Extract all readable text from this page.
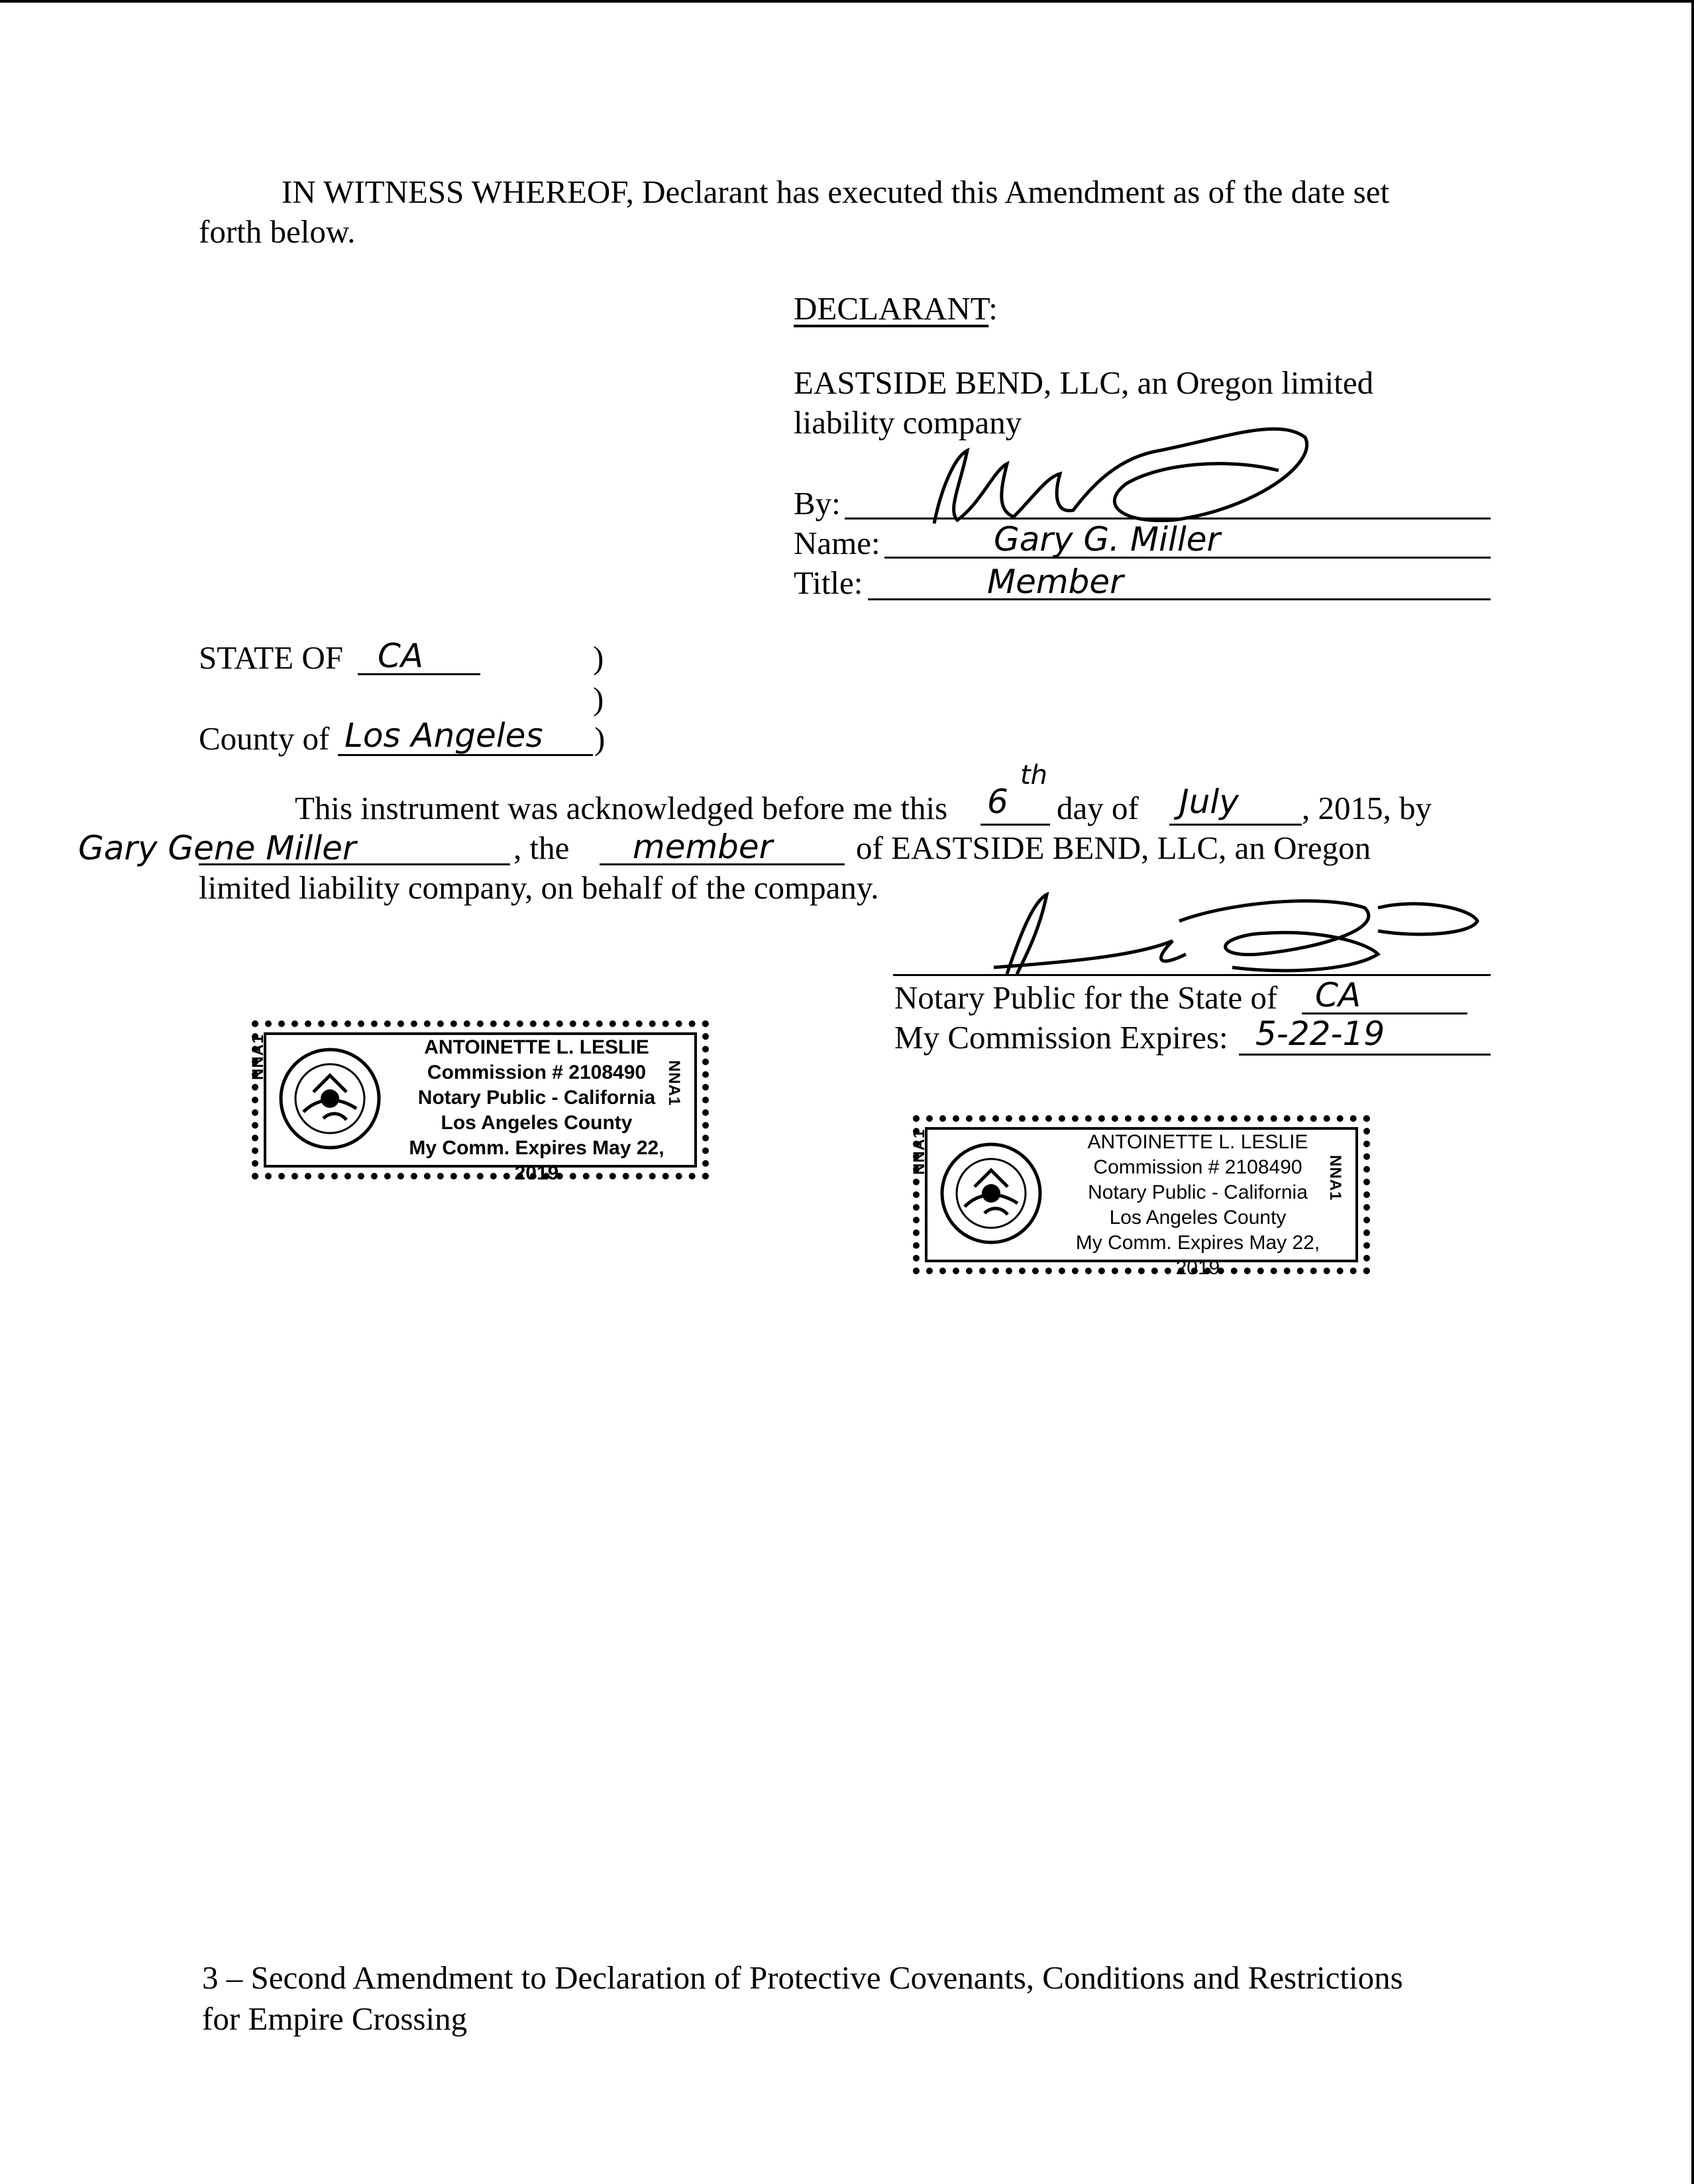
IN WITNESS WHEREOF, Declarant has executed this Amendment as of the date set
forth below.
DECLARANT:
EASTSIDE BEND, LLC, an Oregon limited
liability company
By:
Name:	Gary G. Miller
Title:	Member
STATE OF CA	)
)
County of Los Angeles )
This instrument was acknowledged before me this 6
th
day of July , 2015, by
Gary Gene Miller	, the member	of EASTSIDE BEND, LLC, an Oregon
limited liability company, on behalf of the company.
Notary Public for the State of CA
My Commission Expires: 5-22-19
ANTOINETTE L. LESLIE
Commission # 2108490
Notary Public - California
Los Angeles County
My Comm. Expires May 22, 2019
NNA1
NNA1
ANTOINETTE L. LESLIE
Commission # 2108490
Notary Public - California
Los Angeles County
My Comm. Expires May 22, 2019
NNA1
NNA1
3 – Second Amendment to Declaration of Protective Covenants, Conditions and Restrictions
for Empire Crossing
